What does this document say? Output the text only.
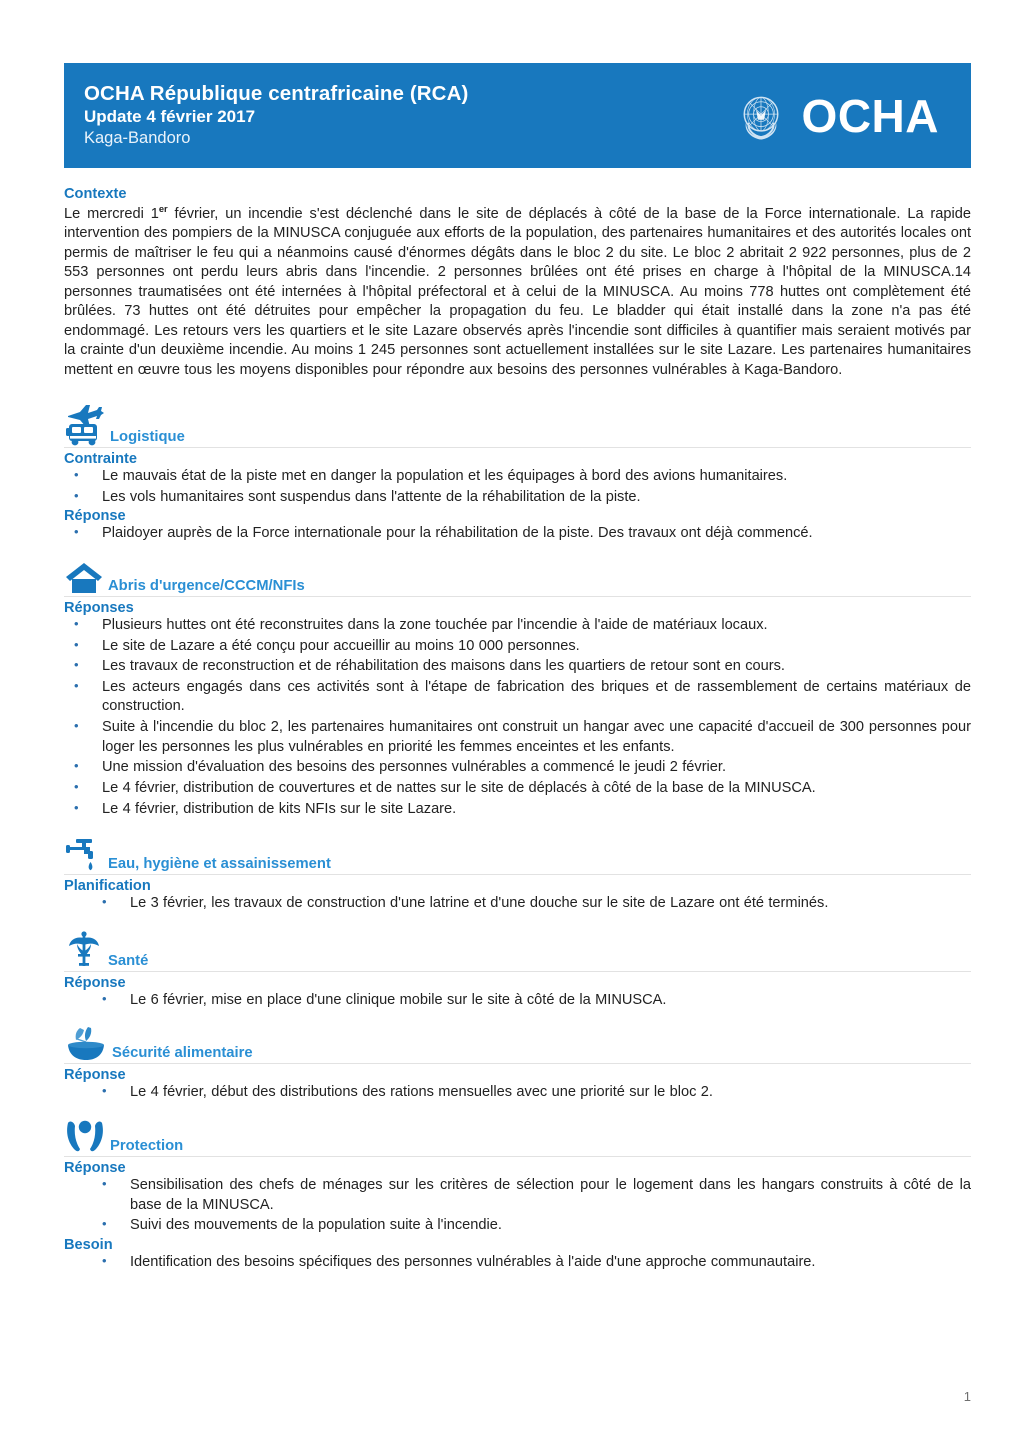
OCHA République centrafricaine (RCA)
Update 4 février 2017
Kaga-Bandoro	OCHA
Contexte

Le mercredi 1er février, un incendie s'est déclenché dans le site de déplacés à côté de la base de la Force internationale. La rapide intervention des pompiers de la MINUSCA conjuguée aux efforts de la population, des partenaires humanitaires et des autorités locales ont permis de maîtriser le feu qui a néanmoins causé d'énormes dégâts dans le bloc 2 du site. Le bloc 2 abritait 2 922 personnes, plus de 2 553 personnes ont perdu leurs abris dans l'incendie. 2 personnes brûlées ont été prises en charge à l'hôpital de la MINUSCA.14 personnes traumatisées ont été internées à l'hôpital préfectoral et à celui de la MINUSCA. Au moins 778 huttes ont complètement été brûlées. 73 huttes ont été détruites pour empêcher la propagation du feu. Le bladder qui était installé dans la zone n'a pas été endommagé. Les retours vers les quartiers et le site Lazare observés après l'incendie sont difficiles à quantifier mais seraient motivés par la crainte d'un deuxième incendie. Au moins 1 245 personnes sont actuellement installées sur le site Lazare. Les partenaires humanitaires mettent en œuvre tous les moyens disponibles pour répondre aux besoins des personnes vulnérables à Kaga-Bandoro.

Logistique
Contrainte
• Le mauvais état de la piste met en danger la population et les équipages à bord des avions humanitaires.
• Les vols humanitaires sont suspendus dans l'attente de la réhabilitation de la piste.
Réponse
• Plaidoyer auprès de la Force internationale pour la réhabilitation de la piste. Des travaux ont déjà commencé.
Abris d'urgence/CCCM/NFIs
Réponses
• Plusieurs huttes ont été reconstruites dans la zone touchée par l'incendie à l'aide de matériaux locaux.
• Le site de Lazare a été conçu pour accueillir au moins 10 000 personnes.
• Les travaux de reconstruction et de réhabilitation des maisons dans les quartiers de retour sont en cours.
• Les acteurs engagés dans ces activités sont à l'étape de fabrication des briques et de rassemblement de certains matériaux de construction.
• Suite à l'incendie du bloc 2, les partenaires humanitaires ont construit un hangar avec une capacité d'accueil de 300 personnes pour loger les personnes les plus vulnérables en priorité les femmes enceintes et les enfants.
• Une mission d'évaluation des besoins des personnes vulnérables a commencé le jeudi 2 février.
• Le 4 février, distribution de couvertures et de nattes sur le site de déplacés à côté de la base de la MINUSCA.
• Le 4 février, distribution de kits NFIs sur le site Lazare.
Eau, hygiène et assainissement
Planification
• Le 3 février, les travaux de construction d'une latrine et d'une douche sur le site de Lazare ont été terminés.
Santé
Réponse
• Le 6 février, mise en place d'une clinique mobile sur le site à côté de la MINUSCA.
Sécurité alimentaire
Réponse
• Le 4 février, début des distributions des rations mensuelles avec une priorité sur le bloc 2.
Protection
Réponse
• Sensibilisation des chefs de ménages sur les critères de sélection pour le logement dans les hangars construits à côté de la base de la MINUSCA.
• Suivi des mouvements de la population suite à l'incendie.
Besoin
• Identification des besoins spécifiques des personnes vulnérables à l'aide d'une approche communautaire.
1
